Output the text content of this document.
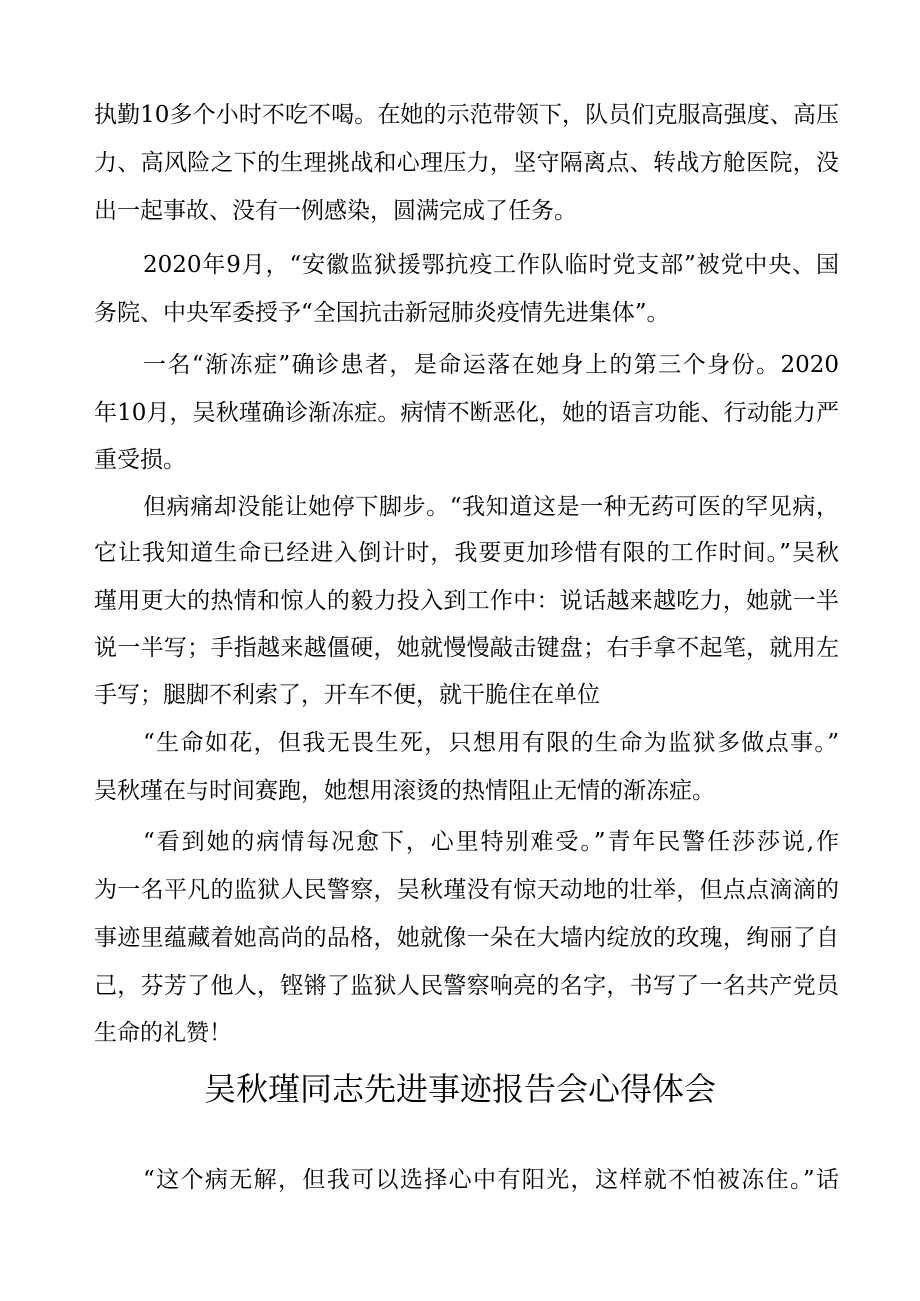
执勤10多个小时不吃不喝。在她的示范带领下，队员们克服高强度、高压
力、高风险之下的生理挑战和心理压力，坚守隔离点、转战方舱医院，没
出一起事故、没有一例感染，圆满完成了任务。
2020年9月，“安徽监狱援鄂抗疫工作队临时党支部”被党中央、国
务院、中央军委授予“全国抗击新冠肺炎疫情先进集体”。
一名“渐冻症”确诊患者，是命运落在她身上的第三个身份。2020
年10月，吴秋瑾确诊渐冻症。病情不断恶化，她的语言功能、行动能力严
重受损。
但病痛却没能让她停下脚步。“我知道这是一种无药可医的罕见病，
它让我知道生命已经进入倒计时，我要更加珍惜有限的工作时间。”吴秋
瑾用更大的热情和惊人的毅力投入到工作中：说话越来越吃力，她就一半
说一半写；手指越来越僵硬，她就慢慢敲击键盘；右手拿不起笔，就用左
手写；腿脚不利索了，开车不便，就干脆住在单位
“生命如花，但我无畏生死，只想用有限的生命为监狱多做点事。”
吴秋瑾在与时间赛跑，她想用滚烫的热情阻止无情的渐冻症。
“看到她的病情每况愈下，心里特别难受。”青年民警任莎莎说,作
为一名平凡的监狱人民警察，吴秋瑾没有惊天动地的壮举，但点点滴滴的
事迹里蕴藏着她高尚的品格，她就像一朵在大墙内绽放的玫瑰，绚丽了自
己，芬芳了他人，铿锵了监狱人民警察响亮的名字，书写了一名共产党员
生命的礼赞！
吴秋瑾同志先进事迹报告会心得体会
“这个病无解，但我可以选择心中有阳光，这样就不怕被冻住。”话
